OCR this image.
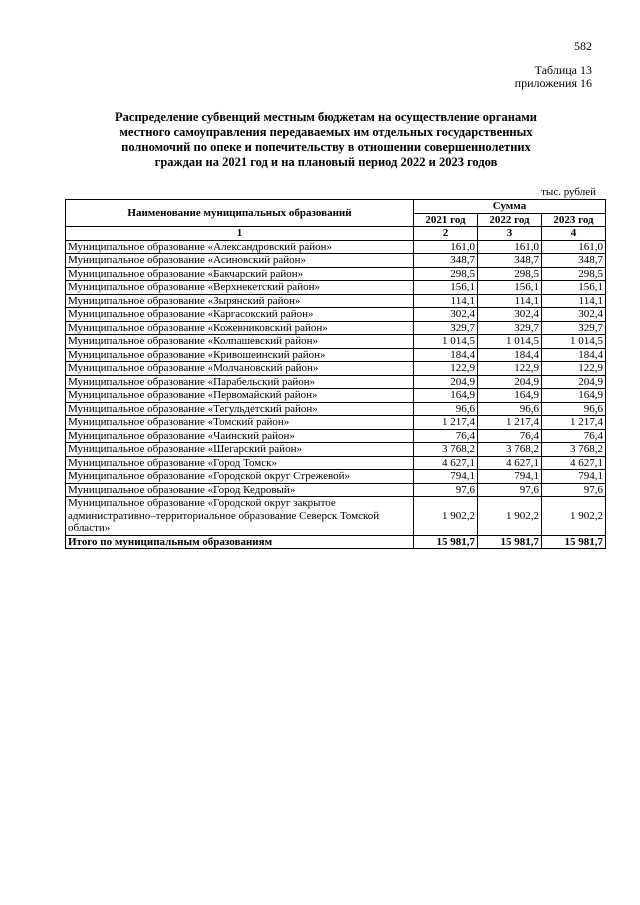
582
Таблица 13
приложения 16
Распределение субвенций местным бюджетам на осуществление органами
местного самоуправления передаваемых им отдельных государственных
полномочий по опеке и попечительству в отношении совершеннолетних
граждан на 2021 год и на плановый период 2022 и 2023 годов
тыс. рублей
Наименование муниципальных образований	Сумма		
	2021 год	2022 год	2023 год
1	2	3	4
Муниципальное образование «Александровский район»	161,0	161,0	161,0
Муниципальное образование «Асиновский район»	348,7	348,7	348,7
Муниципальное образование «Бакчарский район»	298,5	298,5	298,5
Муниципальное образование «Верхнекетский район»	156,1	156,1	156,1
Муниципальное образование «Зырянский район»	114,1	114,1	114,1
Муниципальное образование «Каргасокский район»	302,4	302,4	302,4
Муниципальное образование «Кожевниковский район»	329,7	329,7	329,7
Муниципальное образование «Колпашевский район»	1 014,5	1 014,5	1 014,5
Муниципальное образование «Кривошеинский район»	184,4	184,4	184,4
Муниципальное образование «Молчановский район»	122,9	122,9	122,9
Муниципальное образование «Парабельский район»	204,9	204,9	204,9
Муниципальное образование «Первомайский район»	164,9	164,9	164,9
Муниципальное образование «Тегульдетский район»	96,6	96,6	96,6
Муниципальное образование «Томский район»	1 217,4	1 217,4	1 217,4
Муниципальное образование «Чаинский район»	76,4	76,4	76,4
Муниципальное образование «Шегарский район»	3 768,2	3 768,2	3 768,2
Муниципальное образование «Город Томск»	4 627,1	4 627,1	4 627,1
Муниципальное образование «Городской округ Стрежевой»	794,1	794,1	794,1
Муниципальное образование «Город Кедровый»	97,6	97,6	97,6
Муниципальное образование «Городской округ закрытое административно–территориальное образование Северск Томской области»	1 902,2	1 902,2	1 902,2
Итого по муниципальным образованиям	15 981,7	15 981,7	15 981,7
